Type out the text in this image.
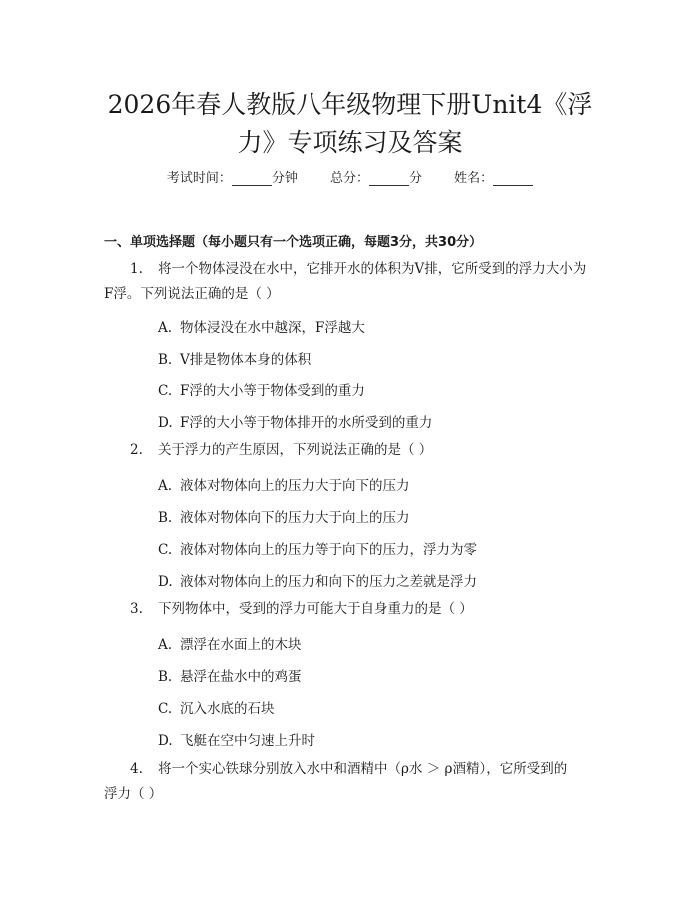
2026年春人教版八年级物理下册Unit4《浮
力》专项练习及答案
考试时间：	分钟 总分：	分 姓名：
一、单项选择题（每小题只有一个选项正确，每题3分，共30分）
1. 将一个物体浸没在水中，它排开水的体积为V排，它所受到的浮力大小为
F浮。下列说法正确的是（ ）
A. 物体浸没在水中越深，F浮越大
B. V排是物体本身的体积
C. F浮的大小等于物体受到的重力
D. F浮的大小等于物体排开的水所受到的重力
2. 关于浮力的产生原因，下列说法正确的是（ ）
A. 液体对物体向上的压力大于向下的压力
B. 液体对物体向下的压力大于向上的压力
C. 液体对物体向上的压力等于向下的压力，浮力为零
D. 液体对物体向上的压力和向下的压力之差就是浮力
3. 下列物体中，受到的浮力可能大于自身重力的是（ ）
A. 漂浮在水面上的木块
B. 悬浮在盐水中的鸡蛋
C. 沉入水底的石块
D. 飞艇在空中匀速上升时
4. 将一个实心铁球分别放入水中和酒精中（ρ水 ＞ ρ酒精），它所受到的
浮力（ ）
